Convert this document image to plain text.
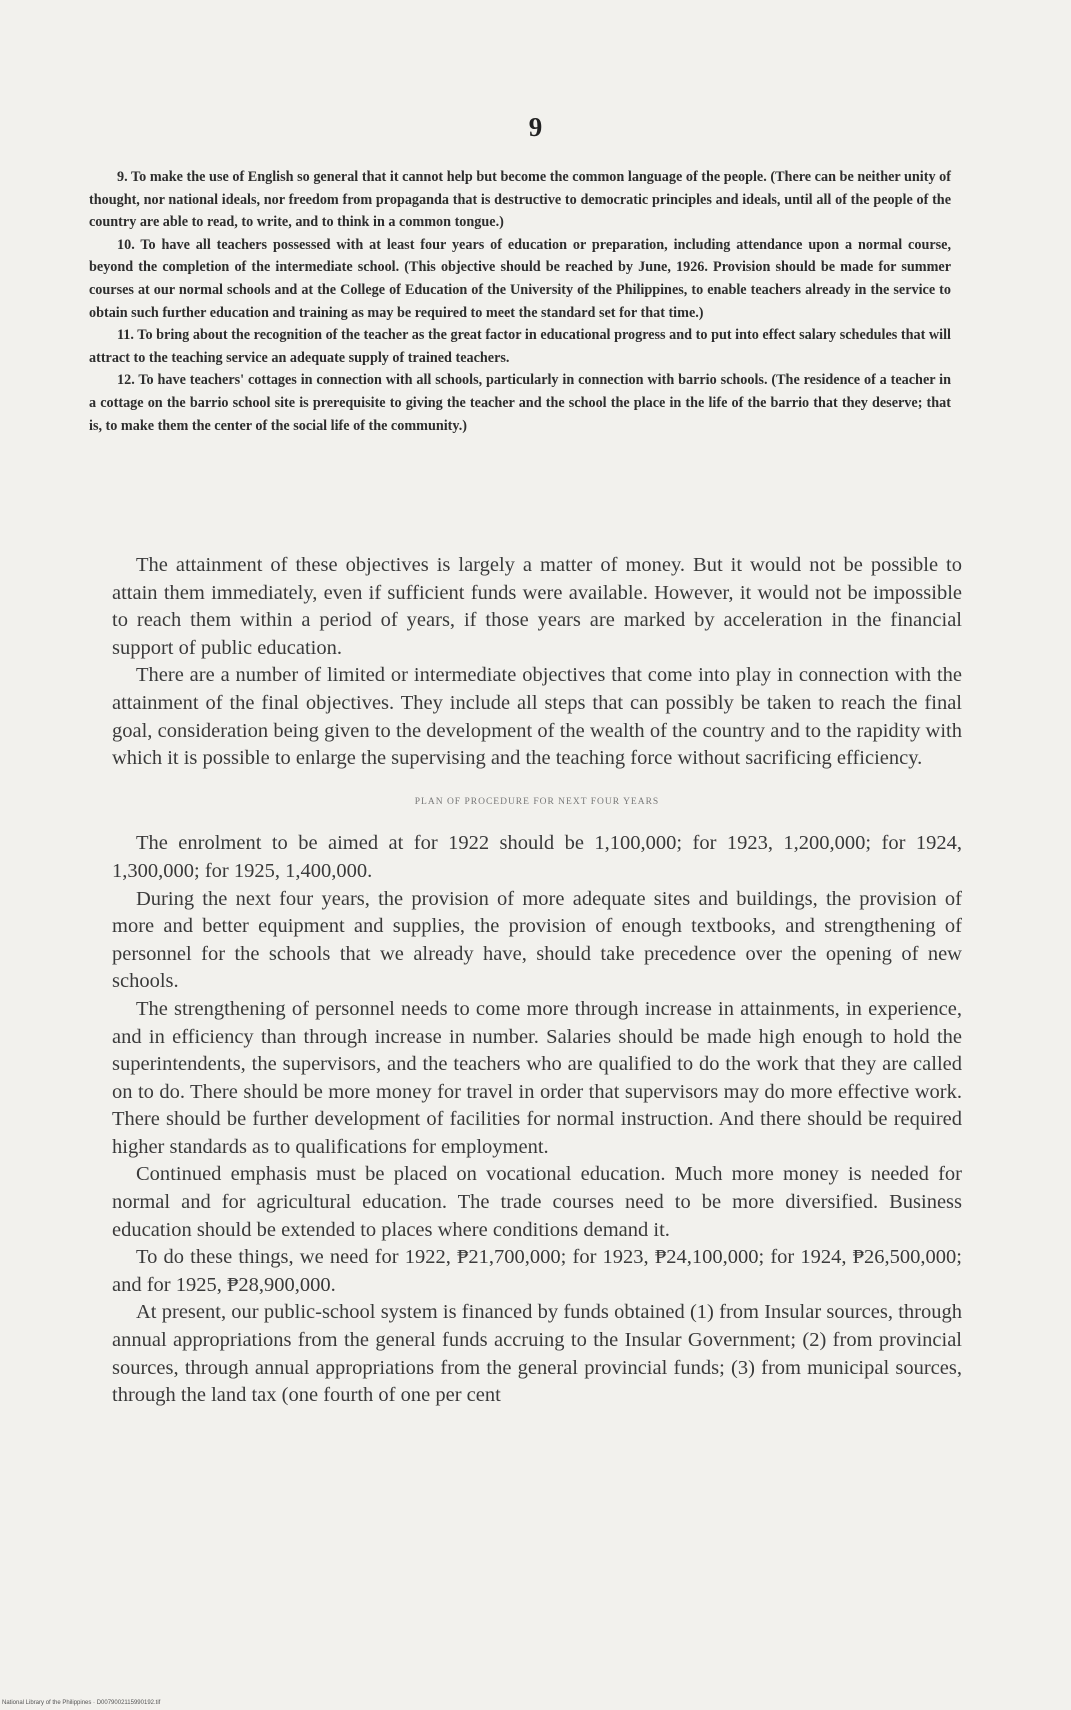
9

9. To make the use of English so general that it cannot help but become the common language of the people. (There can be neither unity of thought, nor national ideals, nor freedom from propaganda that is destructive to democratic principles and ideals, until all of the people of the country are able to read, to write, and to think in a common tongue.)

10. To have all teachers possessed with at least four years of education or preparation, including attendance upon a normal course, beyond the completion of the intermediate school. (This objective should be reached by June, 1926. Provision should be made for summer courses at our normal schools and at the College of Education of the University of the Philippines, to enable teachers already in the service to obtain such further education and training as may be required to meet the standard set for that time.)

11. To bring about the recognition of the teacher as the great factor in educational progress and to put into effect salary schedules that will attract to the teaching service an adequate supply of trained teachers.

12. To have teachers' cottages in connection with all schools, particularly in connection with barrio schools. (The residence of a teacher in a cottage on the barrio school site is prerequisite to giving the teacher and the school the place in the life of the barrio that they deserve; that is, to make them the center of the social life of the community.)

The attainment of these objectives is largely a matter of money. But it would not be possible to attain them immediately, even if sufficient funds were available. However, it would not be impossible to reach them within a period of years, if those years are marked by acceleration in the financial support of public education.

There are a number of limited or intermediate objectives that come into play in connection with the attainment of the final objectives. They include all steps that can possibly be taken to reach the final goal, consideration being given to the development of the wealth of the country and to the rapidity with which it is possible to enlarge the supervising and the teaching force without sacrificing efficiency.

PLAN OF PROCEDURE FOR NEXT FOUR YEARS

The enrolment to be aimed at for 1922 should be 1,100,000; for 1923, 1,200,000; for 1924, 1,300,000; for 1925, 1,400,000.

During the next four years, the provision of more adequate sites and buildings, the provision of more and better equipment and supplies, the provision of enough textbooks, and strengthening of personnel for the schools that we already have, should take precedence over the opening of new schools.

The strengthening of personnel needs to come more through increase in attainments, in experience, and in efficiency than through increase in number. Salaries should be made high enough to hold the superintendents, the supervisors, and the teachers who are qualified to do the work that they are called on to do. There should be more money for travel in order that supervisors may do more effective work. There should be further development of facilities for normal instruction. And there should be required higher standards as to qualifications for employment.

Continued emphasis must be placed on vocational education. Much more money is needed for normal and for agricultural education. The trade courses need to be more diversified. Business education should be extended to places where conditions demand it.

To do these things, we need for 1922, ₱21,700,000; for 1923, ₱24,100,000; for 1924, ₱26,500,000; and for 1925, ₱28,900,000.

At present, our public-school system is financed by funds obtained (1) from Insular sources, through annual appropriations from the general funds accruing to the Insular Government; (2) from provincial sources, through annual appropriations from the general provincial funds; (3) from municipal sources, through the land tax (one fourth of one per cent

National Library of the Philippines · D0079002115990192.tif
